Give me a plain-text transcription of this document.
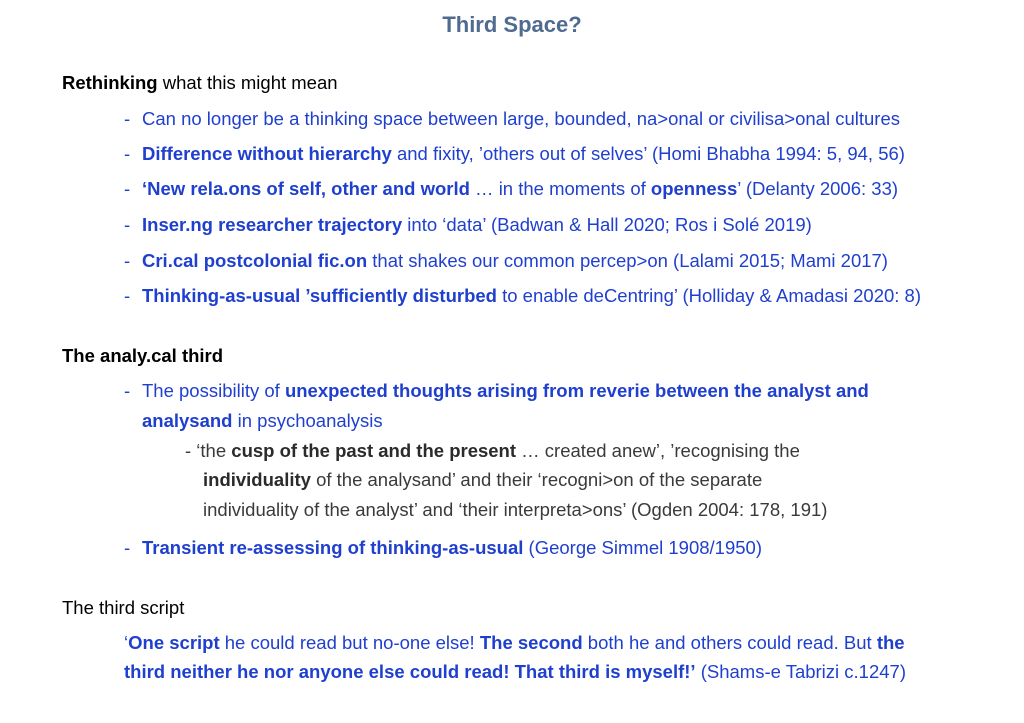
Third Space?
Rethinking what this might mean
- Can no longer be a thinking space between large, bounded, na>onal or civilisa>onal cultures
- Difference without hierarchy and fixity, ’others out of selves’ (Homi Bhabha 1994: 5, 94, 56)
- ‘New rela.ons of self, other and world … in the moments of openness’ (Delanty 2006: 33)
- Inser.ng researcher trajectory into ‘data’ (Badwan & Hall 2020; Ros i Solé 2019)
- Cri.cal postcolonial fic.on that shakes our common percep>on (Lalami 2015; Mami 2017)
- Thinking-as-usual ’sufficiently disturbed to enable deCentring’ (Holliday & Amadasi 2020: 8)
The analy.cal third
- The possibility of unexpected thoughts arising from reverie between the analyst and
analysand in psychoanalysis
- ‘the cusp of the past and the present … created anew’, ’recognising the
individuality of the analysand’ and their ‘recogni>on of the separate
individuality of the analyst’ and ‘their interpreta>ons’ (Ogden 2004: 178, 191)
- Transient re-assessing of thinking-as-usual (George Simmel 1908/1950)
The third script
‘One script he could read but no-one else! The second both he and others could read. But the
third neither he nor anyone else could read! That third is myself!’ (Shams-e Tabrizi c.1247)
